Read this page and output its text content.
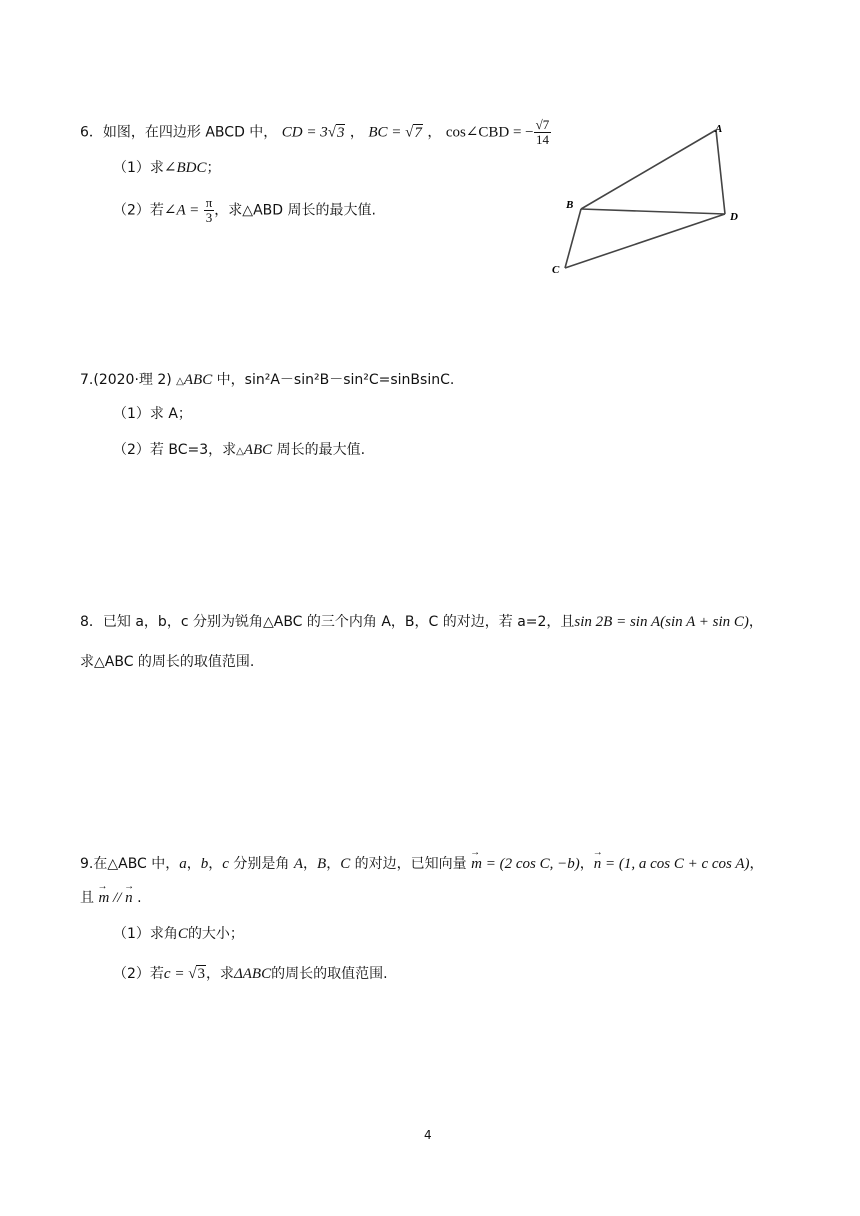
6．如图，在四边形 ABCD 中， CD = 3√3 ， BC = √7 ， cos∠CBD = − $\frac{√7}{14}$
（1）求∠BDC；
（2）若∠A = $\frac{\pi}{3}$ ，求△ABD 周长的最大值.
A
B
C
D
7.(2020·理 2) △ABC 中，sin²A－sin²B－sin²C=sinBsinC.
（1）求 A；
（2）若 BC=3，求△ABC 周长的最大值.
8．已知 a，b，c 分别为锐角△ABC 的三个内角 A，B，C 的对边，若 a=2，且sin 2B = sin A(sin A + sin C)，
求△ABC 的周长的取值范围.
9.在△ABC 中，a，b，c 分别是角 A，B，C 的对边，已知向量 → m = (2 cos C, −b)，→ n = (1, a cos C + c cos A)，
且 → m // → n .
（1）求角C的大小；
（2）若c = √3，求ΔABC的周长的取值范围.
4
